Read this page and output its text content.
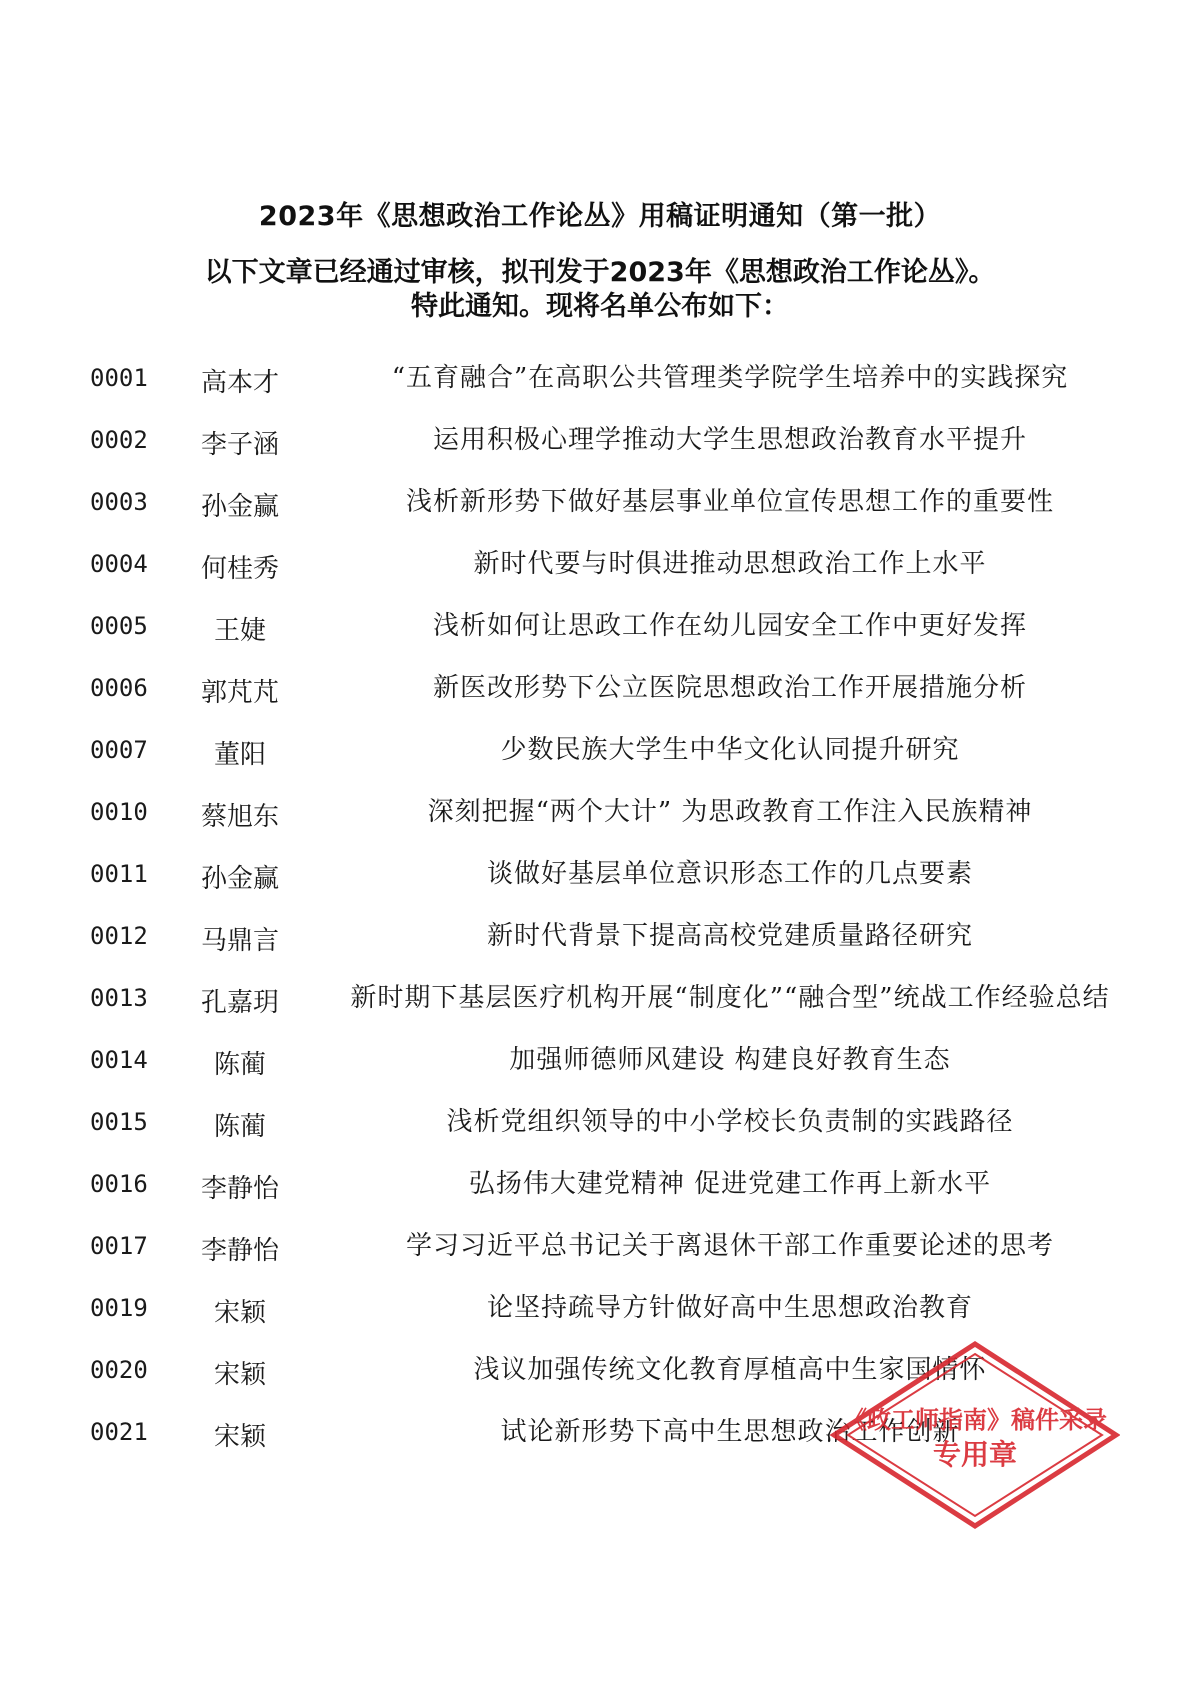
2023年《思想政治工作论丛》用稿证明通知（第一批）
以下文章已经通过审核，拟刊发于2023年《思想政治工作论丛》。
特此通知。现将名单公布如下：
0001	高本才	“五育融合”在高职公共管理类学院学生培养中的实践探究
0002	李子涵	运用积极心理学推动大学生思想政治教育水平提升
0003	孙金赢	浅析新形势下做好基层事业单位宣传思想工作的重要性
0004	何桂秀	新时代要与时俱进推动思想政治工作上水平
0005	王婕	浅析如何让思政工作在幼儿园安全工作中更好发挥
0006	郭芃芃	新医改形势下公立医院思想政治工作开展措施分析
0007	董阳	少数民族大学生中华文化认同提升研究
0010	蔡旭东	深刻把握“两个大计” 为思政教育工作注入民族精神
0011	孙金赢	谈做好基层单位意识形态工作的几点要素
0012	马鼎言	新时代背景下提高高校党建质量路径研究
0013	孔嘉玥	新时期下基层医疗机构开展“制度化”“融合型”统战工作经验总结
0014	陈蔺	加强师德师风建设 构建良好教育生态
0015	陈蔺	浅析党组织领导的中小学校长负责制的实践路径
0016	李静怡	弘扬伟大建党精神 促进党建工作再上新水平
0017	李静怡	学习习近平总书记关于离退休干部工作重要论述的思考
0019	宋颖	论坚持疏导方针做好高中生思想政治教育
0020	宋颖	浅议加强传统文化教育厚植高中生家国情怀
0021	宋颖	试论新形势下高中生思想政治工作创新
《政工师指南》稿件采录
专用章
